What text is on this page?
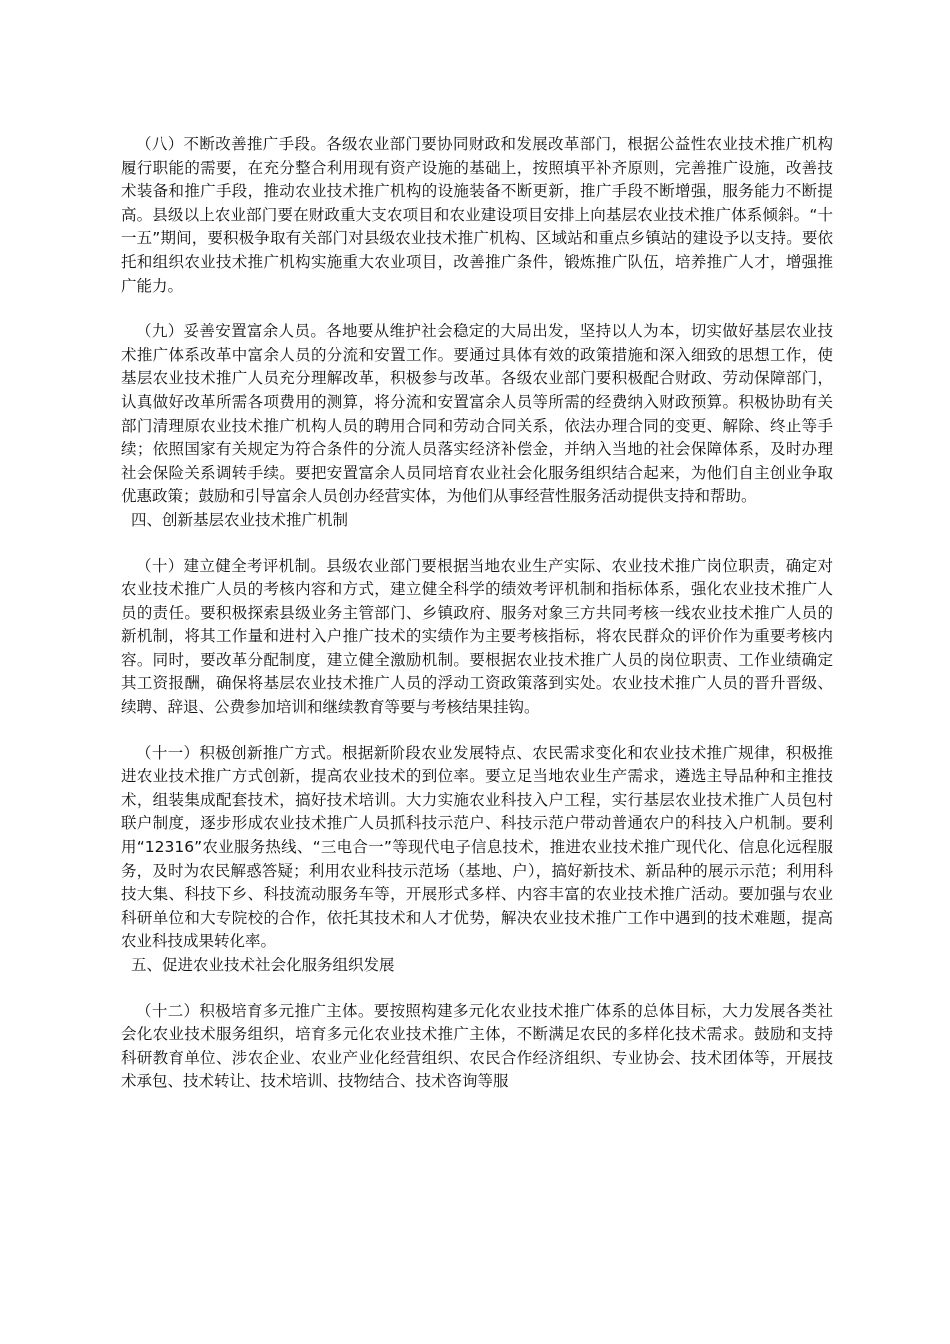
（八）不断改善推广手段。各级农业部门要协同财政和发展改革部门，根据公益性农业技术推广机构履行职能的需要，在充分整合利用现有资产设施的基础上，按照填平补齐原则，完善推广设施，改善技术装备和推广手段，推动农业技术推广机构的设施装备不断更新，推广手段不断增强，服务能力不断提高。县级以上农业部门要在财政重大支农项目和农业建设项目安排上向基层农业技术推广体系倾斜。“十一五”期间，要积极争取有关部门对县级农业技术推广机构、区域站和重点乡镇站的建设予以支持。要依托和组织农业技术推广机构实施重大农业项目，改善推广条件，锻炼推广队伍，培养推广人才，增强推广能力。

（九）妥善安置富余人员。各地要从维护社会稳定的大局出发，坚持以人为本，切实做好基层农业技术推广体系改革中富余人员的分流和安置工作。要通过具体有效的政策措施和深入细致的思想工作，使基层农业技术推广人员充分理解改革，积极参与改革。各级农业部门要积极配合财政、劳动保障部门，认真做好改革所需各项费用的测算，将分流和安置富余人员等所需的经费纳入财政预算。积极协助有关部门清理原农业技术推广机构人员的聘用合同和劳动合同关系，依法办理合同的变更、解除、终止等手续；依照国家有关规定为符合条件的分流人员落实经济补偿金，并纳入当地的社会保障体系，及时办理社会保险关系调转手续。要把安置富余人员同培育农业社会化服务组织结合起来，为他们自主创业争取优惠政策；鼓励和引导富余人员创办经营实体，为他们从事经营性服务活动提供支持和帮助。

四、创新基层农业技术推广机制

（十）建立健全考评机制。县级农业部门要根据当地农业生产实际、农业技术推广岗位职责，确定对农业技术推广人员的考核内容和方式，建立健全科学的绩效考评机制和指标体系，强化农业技术推广人员的责任。要积极探索县级业务主管部门、乡镇政府、服务对象三方共同考核一线农业技术推广人员的新机制，将其工作量和进村入户推广技术的实绩作为主要考核指标，将农民群众的评价作为重要考核内容。同时，要改革分配制度，建立健全激励机制。要根据农业技术推广人员的岗位职责、工作业绩确定其工资报酬，确保将基层农业技术推广人员的浮动工资政策落到实处。农业技术推广人员的晋升晋级、续聘、辞退、公费参加培训和继续教育等要与考核结果挂钩。

（十一）积极创新推广方式。根据新阶段农业发展特点、农民需求变化和农业技术推广规律，积极推进农业技术推广方式创新，提高农业技术的到位率。要立足当地农业生产需求，遴选主导品种和主推技术，组装集成配套技术，搞好技术培训。大力实施农业科技入户工程，实行基层农业技术推广人员包村联户制度，逐步形成农业技术推广人员抓科技示范户、科技示范户带动普通农户的科技入户机制。要利用“12316”农业服务热线、“三电合一”等现代电子信息技术，推进农业技术推广现代化、信息化远程服务，及时为农民解惑答疑；利用农业科技示范场（基地、户），搞好新技术、新品种的展示示范；利用科技大集、科技下乡、科技流动服务车等，开展形式多样、内容丰富的农业技术推广活动。要加强与农业科研单位和大专院校的合作，依托其技术和人才优势，解决农业技术推广工作中遇到的技术难题，提高农业科技成果转化率。

五、促进农业技术社会化服务组织发展

（十二）积极培育多元推广主体。要按照构建多元化农业技术推广体系的总体目标，大力发展各类社会化农业技术服务组织，培育多元化农业技术推广主体，不断满足农民的多样化技术需求。鼓励和支持科研教育单位、涉农企业、农业产业化经营组织、农民合作经济组织、专业协会、技术团体等，开展技术承包、技术转让、技术培训、技物结合、技术咨询等服
